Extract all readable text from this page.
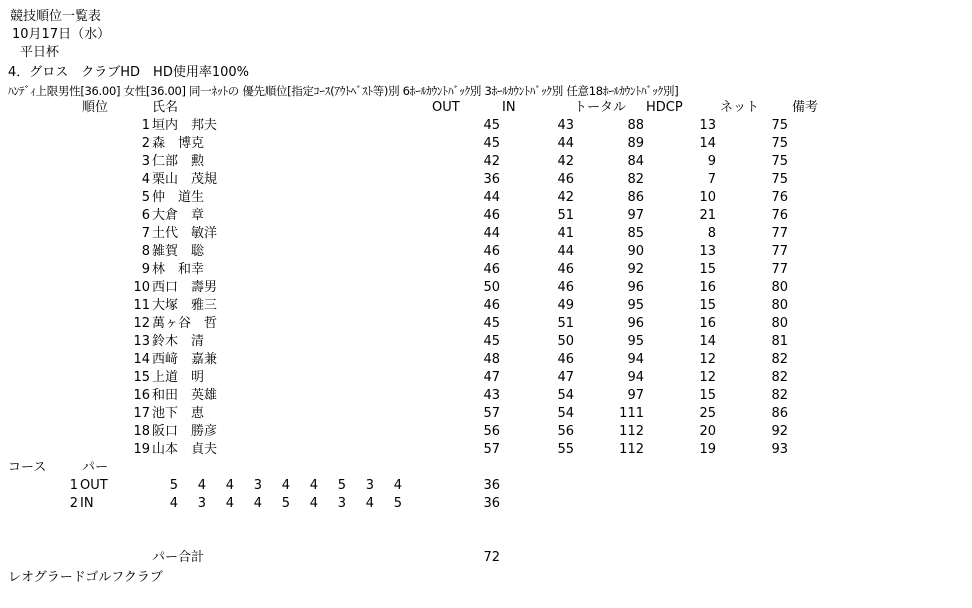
競技順位一覧表
10月17日（水）
平日杯
4．グロス　クラブHD　HD使用率100%
ﾊﾝﾃﾞｨ上限男性[36.00] 女性[36.00] 同一ﾈｯﾄの 優先順位[指定ｺｰｽ(ｱｳﾄﾍﾞｽﾄ等)別 6ﾎｰﾙｶｳﾝﾄﾊﾞｯｸ別 3ﾎｰﾙｶｳﾝﾄﾊﾞｯｸ別 任意18ﾎｰﾙｶｳﾝﾄﾊﾞｯｸ別]
順位	氏名	OUT	IN	トータル HDCP	ネット	備考
1 垣内　邦夫	45	43	88	13	75
2 森　博克	45	44	89	14	75
3 仁部　勲	42	42	84	9	75
4 栗山　茂規	36	46	82	7	75
5 仲　道生	44	42	86	10	76
6 大倉　章	46	51	97	21	76
7 土代　敏洋	44	41	85	8	77
8 雑賀　聡	46	44	90	13	77
9 林　和幸	46	46	92	15	77
10 西口　壽男	50	46	96	16	80
11 大塚　雅三	46	49	95	15	80
12 萬ヶ谷　哲	45	51	96	16	80
13 鈴木　清	45	50	95	14	81
14 西﨑　嘉兼	48	46	94	12	82
15 上道　明	47	47	94	12	82
16 和田　英雄	43	54	97	15	82
17 池下　恵	57	54	111	25	86
18 阪口　勝彦	56	56	112	20	92
19 山本　貞夫	57	55	112	19	93
コース	パー
1 OUT	5	4	4	3	4	4	5	3	4	36
2 IN	4	3	4	4	5	4	3	4	5	36
パー合計	72
レオグラードゴルフクラブ
